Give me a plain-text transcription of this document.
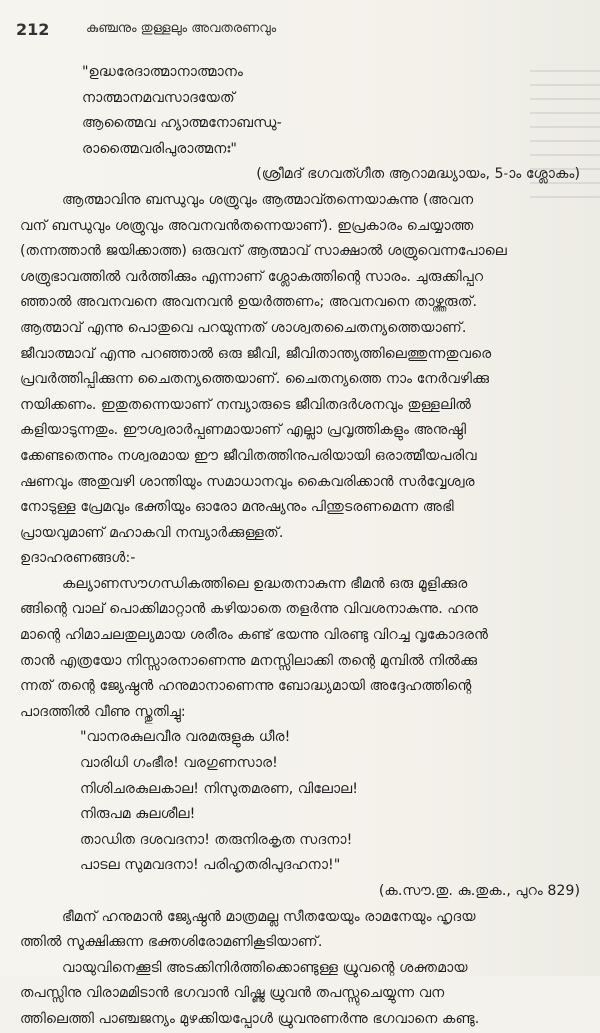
212	കുഞ്ചനും തുള്ളലും അവതരണവും
"ഉദ്ധരേദാത്മാനാത്മാനം
നാത്മാനമവസാദയേത്
ആത്മൈവ ഹ്യാത്മനോബന്ധു-
രാത്മൈവരിപുരാത്മനഃ"
(ശ്രീമദ് ഭഗവത്ഗീത ആറാമദ്ധ്യായം, 5-ാം ശ്ലോകം)
ആത്മാവിനു ബന്ധുവും ശത്രുവും ആത്മാവ്തന്നെയാകുന്നു (അവന
വന് ബന്ധുവും ശത്രുവും അവനവൻതന്നെയാണ്). ഇപ്രകാരം ചെയ്യാത്ത
(തന്നത്താൻ ജയിക്കാത്ത) ഒരുവന് ആത്മാവ് സാക്ഷാൽ ശത്രുവെന്നപോലെ
ശത്രുഭാവത്തിൽ വർത്തിക്കും എന്നാണ് ശ്ലോകത്തിന്റെ സാരം. ചുരുക്കിപ്പറ
ഞ്ഞാൽ അവനവനെ അവനവൻ ഉയർത്തണം; അവനവനെ താഴ്ത്തരുത്.
ആത്മാവ് എന്നു പൊതുവെ പറയുന്നത് ശാശ്വതചൈതന്യത്തെയാണ്.
ജീവാത്മാവ് എന്നു പറഞ്ഞാൽ ഒരു ജീവി, ജീവിതാന്ത്യത്തിലെത്തുന്നതുവരെ
പ്രവർത്തിപ്പിക്കുന്ന ചൈതന്യത്തെയാണ്. ചൈതന്യത്തെ നാം നേർവഴിക്കു
നയിക്കണം. ഇതുതന്നെയാണ് നമ്പ്യാരുടെ ജീവിതദർശനവും തുള്ളലിൽ
കളിയാടുന്നതും. ഈശ്വരാർപ്പണമായാണ് എല്ലാ പ്രവൃത്തികളും അനുഷ്ഠി
ക്കേണ്ടതെന്നും നശ്വരമായ ഈ ജീവിതത്തിനുപരിയായി ഒരാത്മീയപരിവ
ഷണവും അതുവഴി ശാന്തിയും സമാധാനവും കൈവരിക്കാൻ സർവ്വേശ്വര
നോടുള്ള പ്രേമവും ഭക്തിയും ഓരോ മനുഷ്യനും പിന്തുടരണമെന്ന അഭി
പ്രായവുമാണ് മഹാകവി നമ്പ്യാർക്കുള്ളത്.
ഉദാഹരണങ്ങൾ:-
കല്യാണസൗഗന്ധികത്തിലെ ഉദ്ധതനാകുന്ന ഭീമൻ ഒരു മൂളിക്കുര
ങ്ങിന്റെ വാല് പൊക്കിമാറ്റാൻ കഴിയാതെ തളർന്നു വിവശനാകുന്നു. ഹനു
മാന്റെ ഹിമാചലതുല്യമായ ശരീരം കണ്ട് ഭയന്നു വിരണ്ടു വിറച്ച വൃകോദരൻ
താൻ എത്രയോ നിസ്സാരനാണെന്നു മനസ്സിലാക്കി തന്റെ മുമ്പിൽ നിൽക്കു
ന്നത് തന്റെ ജ്യേഷ്ഠൻ ഹനുമാനാണെന്നു ബോദ്ധ്യമായി അദ്ദേഹത്തിന്റെ
പാദത്തിൽ വീണു സ്തുതിച്ചു:
"വാനരകുലവീര വരമരുളുക ധീര!
വാരിധി ഗംഭീര! വരഗുണസാര!
നിശിചരകുലകാല! നിസുതമരണ, വിലോല!
നിരുപമ കുലശീല!
താഡിത ദശവദനാ! തരുനിരകൃത സദനാ!
പാടല സുമവദനാ! പരിഹൃതരിപുദഹനാ!"
(ക.സൗ.തു. കു.തുക., പുറം 829)
ഭീമന് ഹനുമാൻ ജ്യേഷ്ഠൻ മാത്രമല്ല സീതയേയും രാമനേയും ഹൃദയ
ത്തിൽ സൂക്ഷിക്കുന്ന ഭക്തശിരോമണികൂടിയാണ്.
വായുവിനെക്കൂടി അടക്കിനിർത്തിക്കൊണ്ടുള്ള ധ്രുവന്റെ ശക്തമായ
തപസ്സിനു വിരാമമിടാൻ ഭഗവാൻ വിഷ്ണു ധ്രുവൻ തപസ്സുചെയ്യുന്ന വന
ത്തിലെത്തി പാഞ്ചജന്യം മുഴക്കിയപ്പോൾ ധ്രുവനുണർന്നു ഭഗവാനെ കണ്ടു.
